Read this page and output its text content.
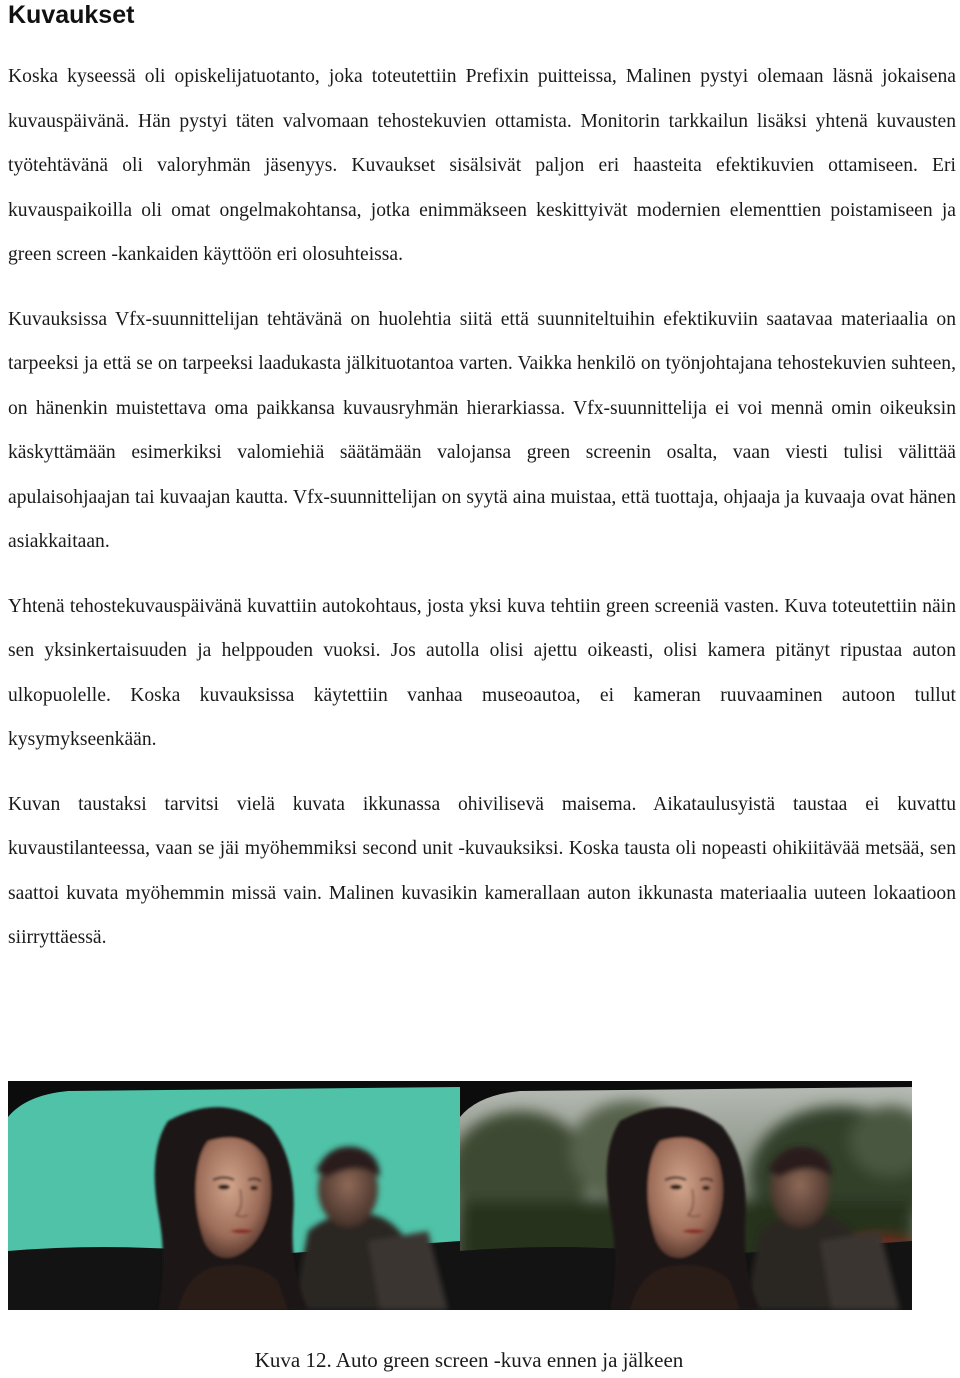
Kuvaukset

Koska kyseessä oli opiskelijatuotanto, joka toteutettiin Prefixin puitteissa, Malinen pystyi olemaan läsnä jokaisena kuvauspäivänä. Hän pystyi täten valvomaan tehostekuvien ottamista. Monitorin tarkkailun lisäksi yhtenä kuvausten työtehtävänä oli valoryhmän jäsenyys. Kuvaukset sisälsivät paljon eri haasteita efektikuvien ottamiseen. Eri kuvauspaikoilla oli omat ongelmakohtansa, jotka enimmäkseen keskittyivät modernien elementtien poistamiseen ja green screen -kankaiden käyttöön eri olosuhteissa.

Kuvauksissa Vfx-suunnittelijan tehtävänä on huolehtia siitä että suunniteltuihin efektikuviin saatavaa materiaalia on tarpeeksi ja että se on tarpeeksi laadukasta jälkituotantoa varten. Vaikka henkilö on työnjohtajana tehostekuvien suhteen, on hänenkin muistettava oma paikkansa kuvausryhmän hierarkiassa. Vfx-suunnittelija ei voi mennä omin oikeuksin käskyttämään esimerkiksi valomiehiä säätämään valojansa green screenin osalta, vaan viesti tulisi välittää apulaisohjaajan tai kuvaajan kautta. Vfx-suunnittelijan on syytä aina muistaa, että tuottaja, ohjaaja ja kuvaaja ovat hänen asiakkaitaan.

Yhtenä tehostekuvauspäivänä kuvattiin autokohtaus, josta yksi kuva tehtiin green screeniä vasten. Kuva toteutettiin näin sen yksinkertaisuuden ja helppouden vuoksi. Jos autolla olisi ajettu oikeasti, olisi kamera pitänyt ripustaa auton ulkopuolelle. Koska kuvauksissa käytettiin vanhaa museoautoa, ei kameran ruuvaaminen autoon tullut kysymykseenkään.

Kuvan taustaksi tarvitsi vielä kuvata ikkunassa ohivilisevä maisema. Aikataulusyistä taustaa ei kuvattu kuvaustilanteessa, vaan se jäi myöhemmiksi second unit -kuvauksiksi. Koska tausta oli nopeasti ohikiitävää metsää, sen saattoi kuvata myöhemmin missä vain. Malinen kuvasikin kamerallaan auton ikkunasta materiaalia uuteen lokaatioon siirryttäessä.

Kuva 12. Auto green screen -kuva ennen ja jälkeen
